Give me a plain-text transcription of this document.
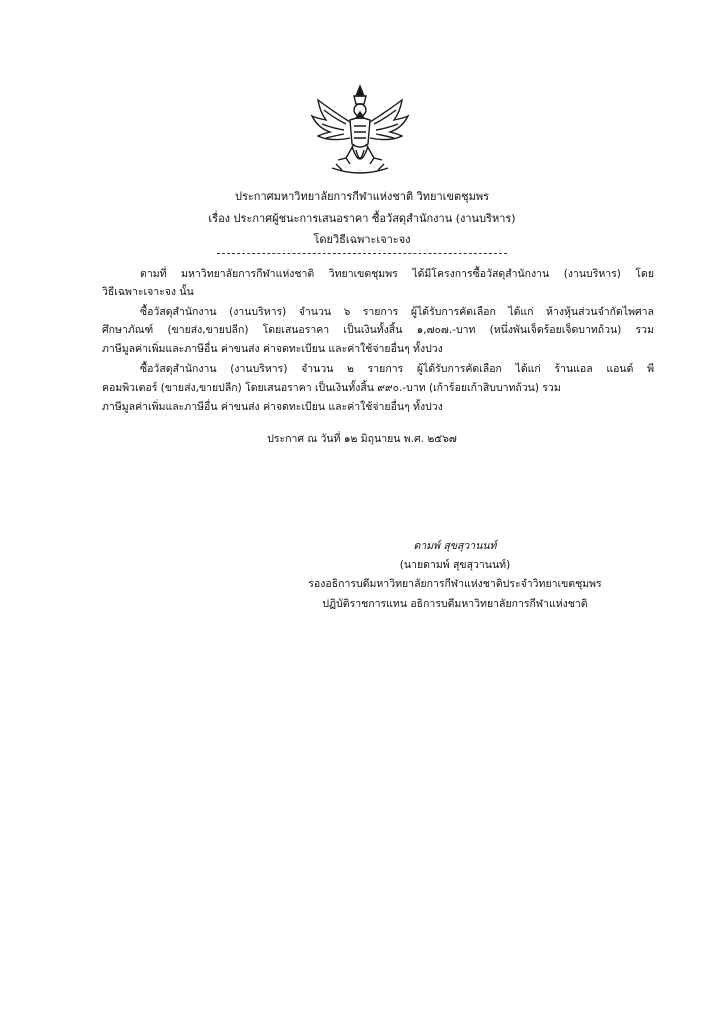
ประกาศมหาวิทยาลัยการกีฬาแห่งชาติ วิทยาเขตชุมพร
เรื่อง ประกาศผู้ชนะการเสนอราคา ซื้อวัสดุสำนักงาน (งานบริหาร)
โดยวิธีเฉพาะเจาะจง
ตามที่ มหาวิทยาลัยการกีฬาแห่งชาติ วิทยาเขตชุมพร ได้มีโครงการซื้อวัสดุสำนักงาน (งานบริหาร) โดย
วิธีเฉพาะเจาะจง นั้น
ซื้อวัสดุสำนักงาน (งานบริหาร) จำนวน ๖ รายการ ผู้ได้รับการคัดเลือก ได้แก่ ห้างหุ้นส่วนจำกัดไพศาล
ศึกษาภัณฑ์ (ขายส่ง,ขายปลีก) โดยเสนอราคา เป็นเงินทั้งสิ้น ๑,๗๐๗.-บาท (หนึ่งพันเจ็ดร้อยเจ็ดบาทถ้วน) รวม
ภาษีมูลค่าเพิ่มและภาษีอื่น ค่าขนส่ง ค่าจดทะเบียน และค่าใช้จ่ายอื่นๆ ทั้งปวง
ซื้อวัสดุสำนักงาน (งานบริหาร) จำนวน ๒ รายการ ผู้ได้รับการคัดเลือก ได้แก่ ร้านแอล แอนด์ พี
คอมพิวเตอร์ (ขายส่ง,ขายปลีก) โดยเสนอราคา เป็นเงินทั้งสิ้น ๙๙๐.-บาท (เก้าร้อยเก้าสิบบาทถ้วน) รวม
ภาษีมูลค่าเพิ่มและภาษีอื่น ค่าขนส่ง ค่าจดทะเบียน และค่าใช้จ่ายอื่นๆ ทั้งปวง
ประกาศ ณ วันที่ ๑๒ มิถุนายน พ.ศ. ๒๕๖๗
ดามพ์ สุขสุวานนท์
(นายดามพ์ สุขสุวานนท์)
รองอธิการบดีมหาวิทยาลัยการกีฬาแห่งชาติประจำวิทยาเขตชุมพร
ปฏิบัติราชการแทน อธิการบดีมหาวิทยาลัยการกีฬาแห่งชาติ
